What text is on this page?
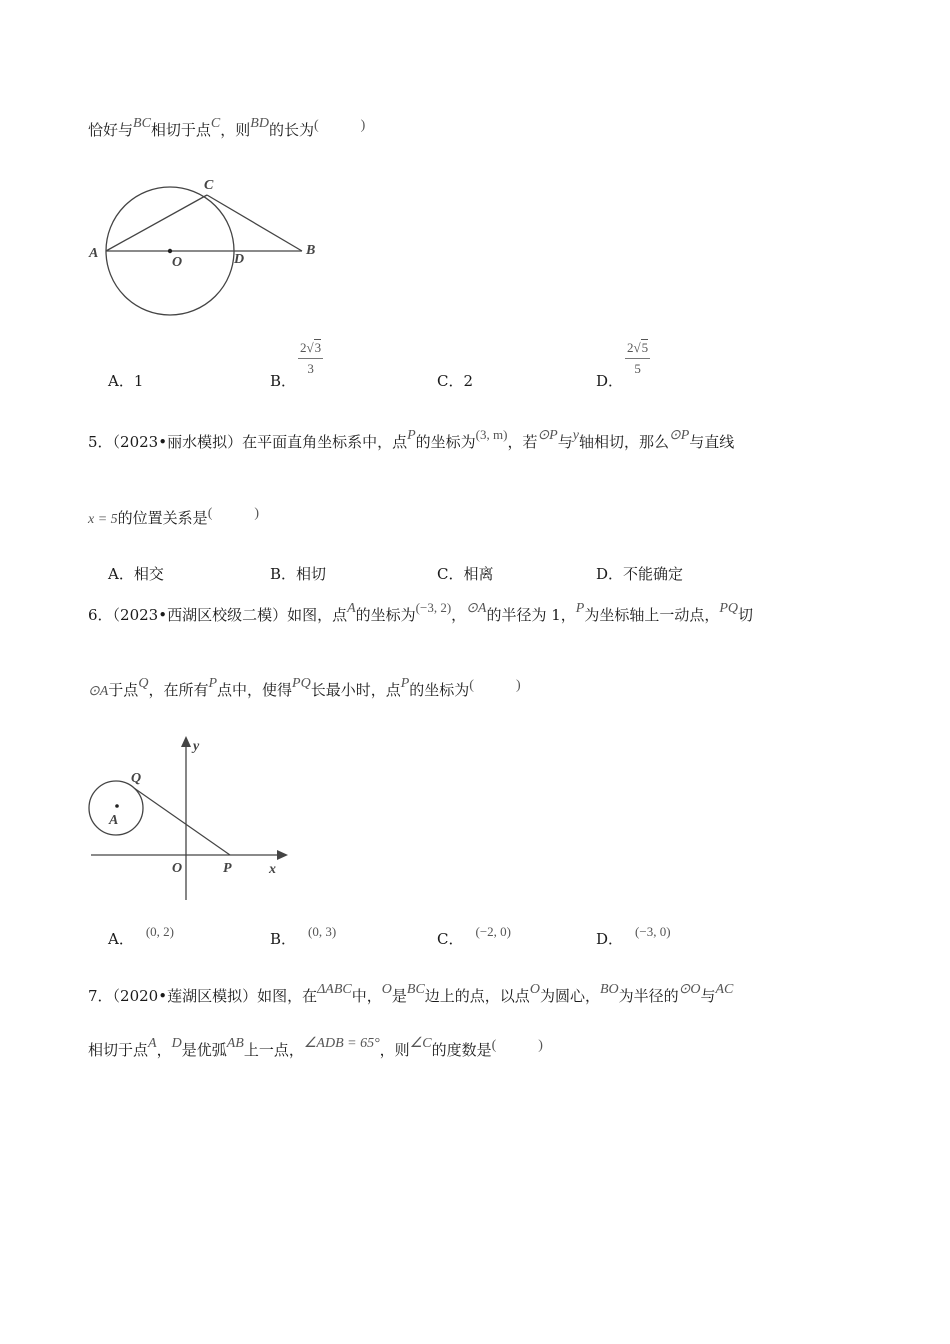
恰好与BC相切于点C，则BD的长为(	)
C
A
O	D
B
A．1	B．
$\frac{2√3}{3}$
C．2	D．
$\frac{2√5}{5}$
5．（2023•丽水模拟）在平面直角坐标系中，点P的坐标为(3, m)，若⊙P与y轴相切，那么⊙P与直线
x = 5的位置关系是(	)
A．相交	B．相切	C．相离	D．不能确定
6．（2023•西湖区校级二模）如图，点A的坐标为(−3, 2)，⊙A的半径为 1，P为坐标轴上一动点，PQ切
⊙A于点Q，在所有P点中，使得PQ长最小时，点P的坐标为(	)
y
Q
A
O	P	x
A． (0, 2)	B． (0, 3)	C． (−2, 0)	D． (−3, 0)
7．（2020•莲湖区模拟）如图，在ΔABC中，O是BC边上的点，以点O为圆心，BO为半径的⊙O与AC
相切于点A，D是优弧AB上一点，∠ADB = 65°，则∠C的度数是(	)
